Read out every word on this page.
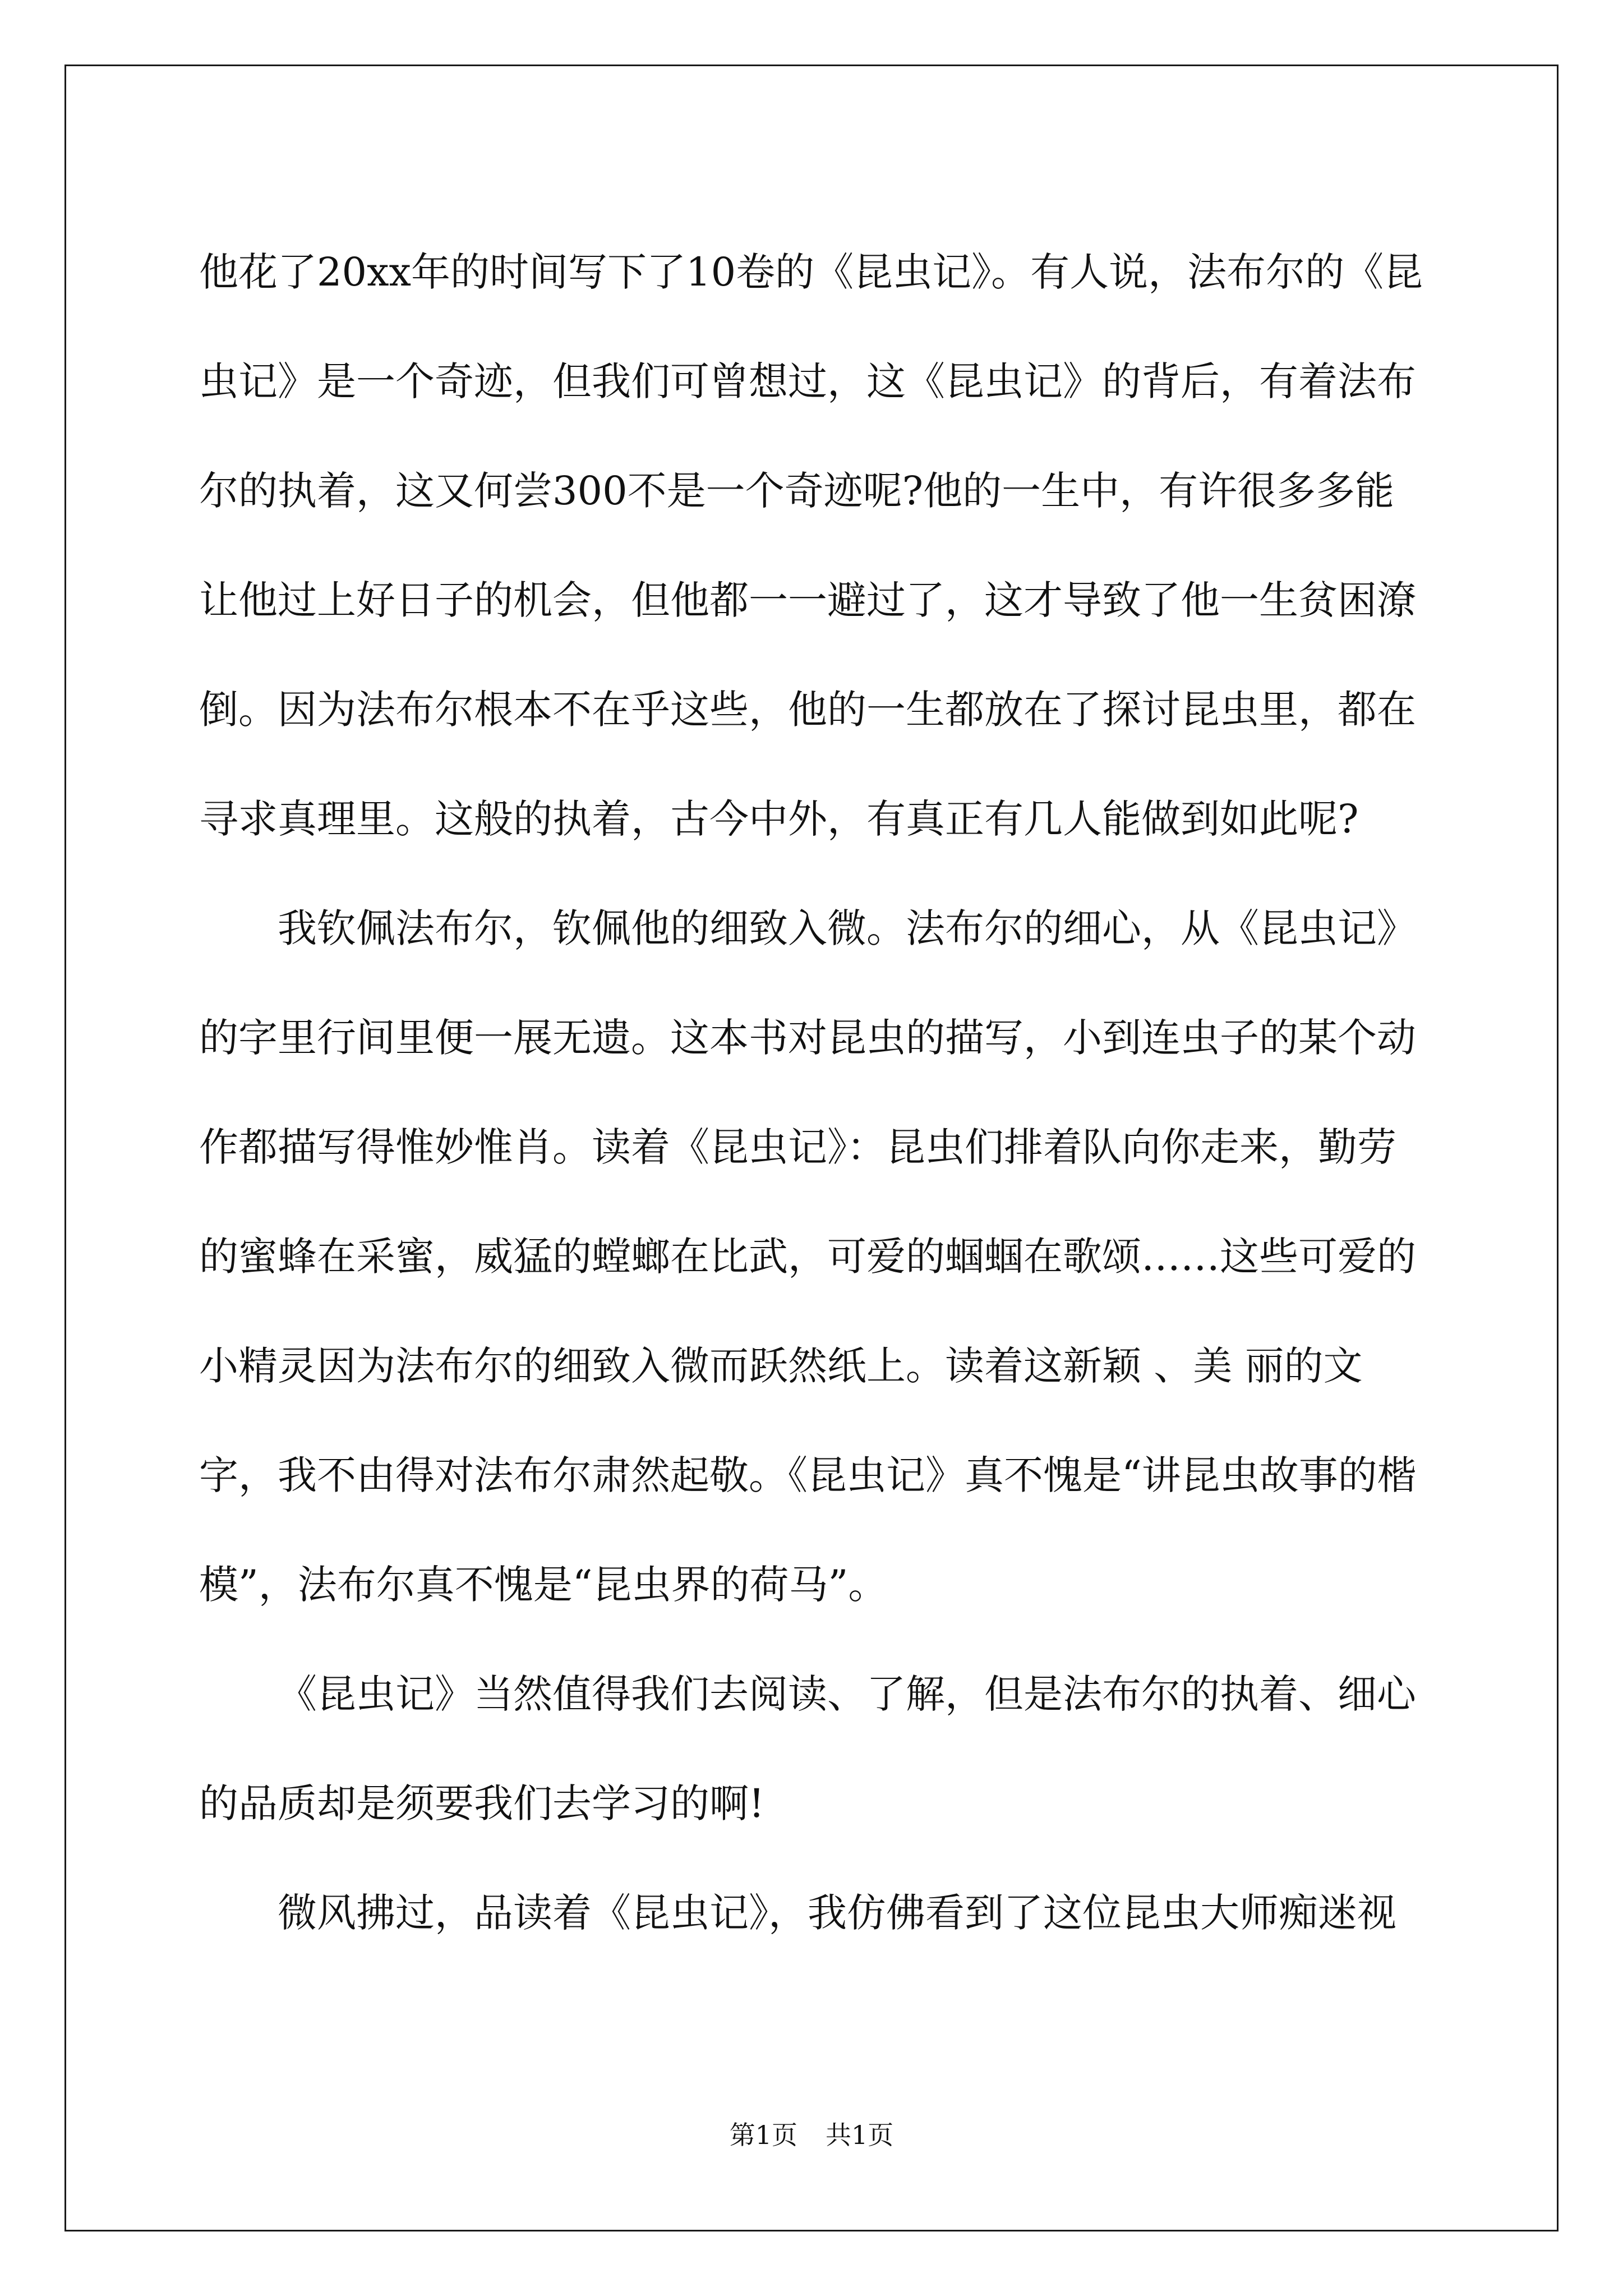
他花了20xx年的时间写下了10卷的《昆虫记》。有人说，法布尔的《昆虫记》是一个奇迹，但我们可曾想过，这《昆虫记》的背后，有着法布尔的执着，这又何尝300不是一个奇迹呢?他的一生中，有许很多多能让他过上好日子的机会，但他都一一避过了，这才导致了他一生贫困潦倒。因为法布尔根本不在乎这些，他的一生都放在了探讨昆虫里，都在寻求真理里。这般的执着，古今中外，有真正有几人能做到如此呢?

我钦佩法布尔，钦佩他的细致入微。法布尔的细心，从《昆虫记》的字里行间里便一展无遗。这本书对昆虫的描写，小到连虫子的某个动作都描写得惟妙惟肖。读着《昆虫记》：昆虫们排着队向你走来，勤劳的蜜蜂在采蜜，威猛的螳螂在比武，可爱的蝈蝈在歌颂……这些可爱的小精灵因为法布尔的细致入微而跃然纸上。读着这新颖 、美 丽的文字，我不由得对法布尔肃然起敬。《昆虫记》真不愧是“讲昆虫故事的楷模”，法布尔真不愧是“昆虫界的荷马”。

《昆虫记》当然值得我们去阅读、了解，但是法布尔的执着、细心的品质却是须要我们去学习的啊!

微风拂过，品读着《昆虫记》，我仿佛看到了这位昆虫大师痴迷视

第1页 共1页
